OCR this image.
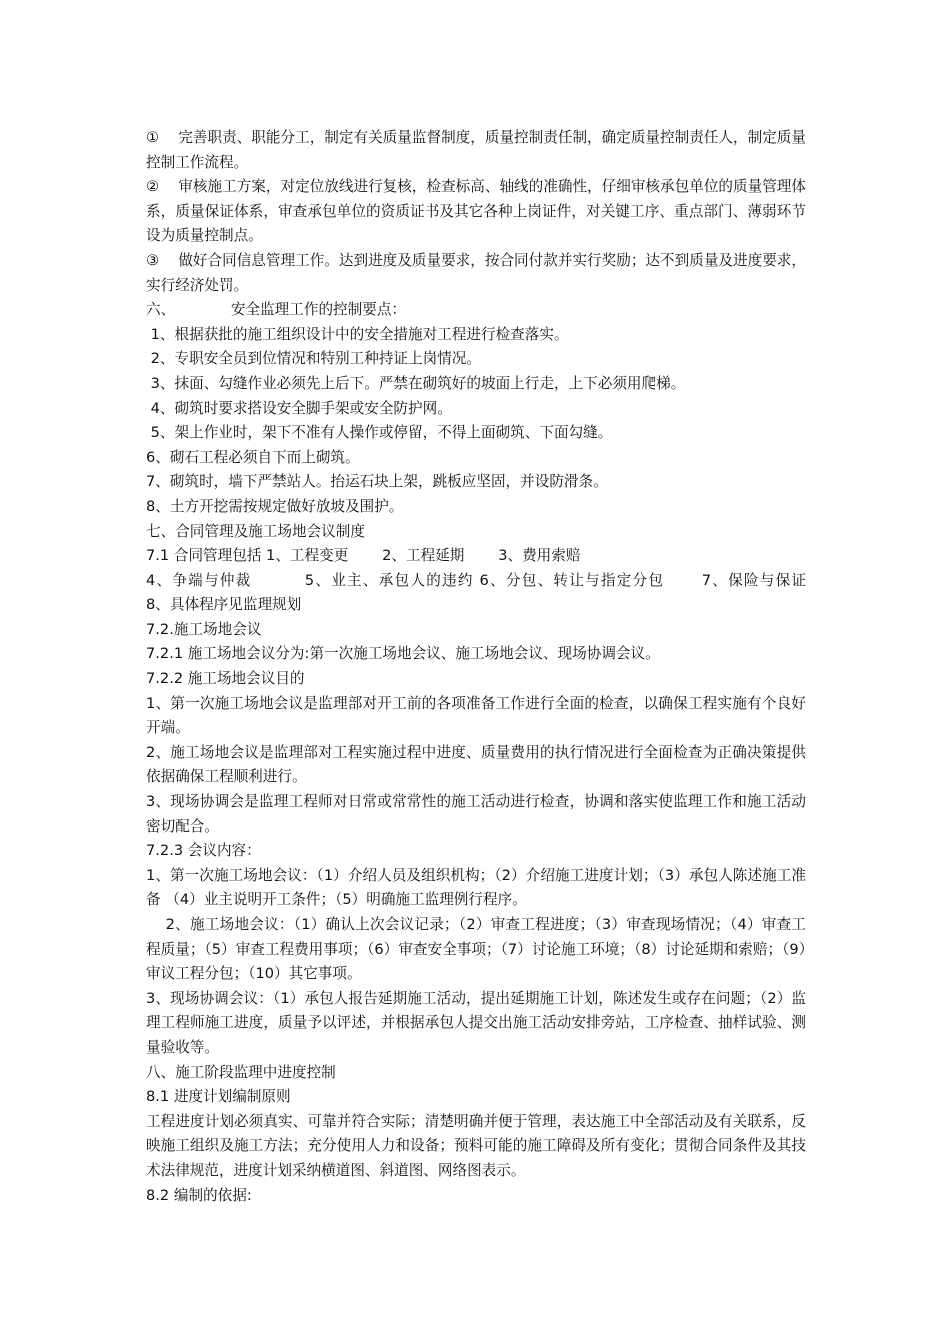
①　 完善职责、职能分工，制定有关质量监督制度，质量控制责任制，确定质量控制责任人，制定质量控制工作流程。

②　 审核施工方案，对定位放线进行复核，检查标高、轴线的准确性，仔细审核承包单位的质量管理体系，质量保证体系，审查承包单位的资质证书及其它各种上岗证件，对关键工序、重点部门、薄弱环节设为质量控制点。

③　 做好合同信息管理工作。达到进度及质量要求，按合同付款并实行奖励；达不到质量及进度要求，实行经济处罚。

六、　　　　 安全监理工作的控制要点：

1、根据获批的施工组织设计中的安全措施对工程进行检查落实。

2、专职安全员到位情况和特别工种持证上岗情况。

3、抹面、勾缝作业必须先上后下。严禁在砌筑好的坡面上行走，上下必须用爬梯。

4、砌筑时要求搭设安全脚手架或安全防护网。

5、架上作业时，架下不准有人操作或停留，不得上面砌筑、下面勾缝。

6、砌石工程必须自下而上砌筑。

7、砌筑时，墙下严禁站人。抬运石块上架，跳板应坚固，并设防滑条。

8、土方开挖需按规定做好放坡及围护。

七、合同管理及施工场地会议制度

7.1 合同管理包括 1、工程变更　　 2、工程延期　　 3、费用索赔

4、争端与仲裁　　　 5、业主、承包人的违约 6、分包、转让与指定分包　　 7、保险与保证　　 8、具体程序见监理规划

7.2.施工场地会议

7.2.1 施工场地会议分为:第一次施工场地会议、施工场地会议、现场协调会议。

7.2.2 施工场地会议目的

1、第一次施工场地会议是监理部对开工前的各项准备工作进行全面的检查，以确保工程实施有个良好开端。

2、施工场地会议是监理部对工程实施过程中进度、质量费用的执行情况进行全面检查为正确决策提供依据确保工程顺利进行。

3、现场协调会是监理工程师对日常或常常性的施工活动进行检查，协调和落实使监理工作和施工活动密切配合。

7.2.3 会议内容：

1、第一次施工场地会议：（1）介绍人员及组织机构；（2）介绍施工进度计划；（3）承包人陈述施工准备 （4）业主说明开工条件；（5）明确施工监理例行程序。

　 2、施工场地会议：（1）确认上次会议记录；（2）审查工程进度；（3）审查现场情况；（4）审查工程质量；（5）审查工程费用事项；（6）审查安全事项；（7）讨论施工环境；（8）讨论延期和索赔；（9）审议工程分包；（10）其它事项。

3、现场协调会议：（1）承包人报告延期施工活动，提出延期施工计划，陈述发生或存在问题；（2）监理工程师施工进度，质量予以评述，并根据承包人提交出施工活动安排旁站，工序检查、抽样试验、测量验收等。

八、施工阶段监理中进度控制

8.1 进度计划编制原则

工程进度计划必须真实、可靠并符合实际；清楚明确并便于管理，表达施工中全部活动及有关联系，反映施工组织及施工方法；充分使用人力和设备；预料可能的施工障碍及所有变化；贯彻合同条件及其技术法律规范，进度计划采纳横道图、斜道图、网络图表示。

8.2 编制的依据:
